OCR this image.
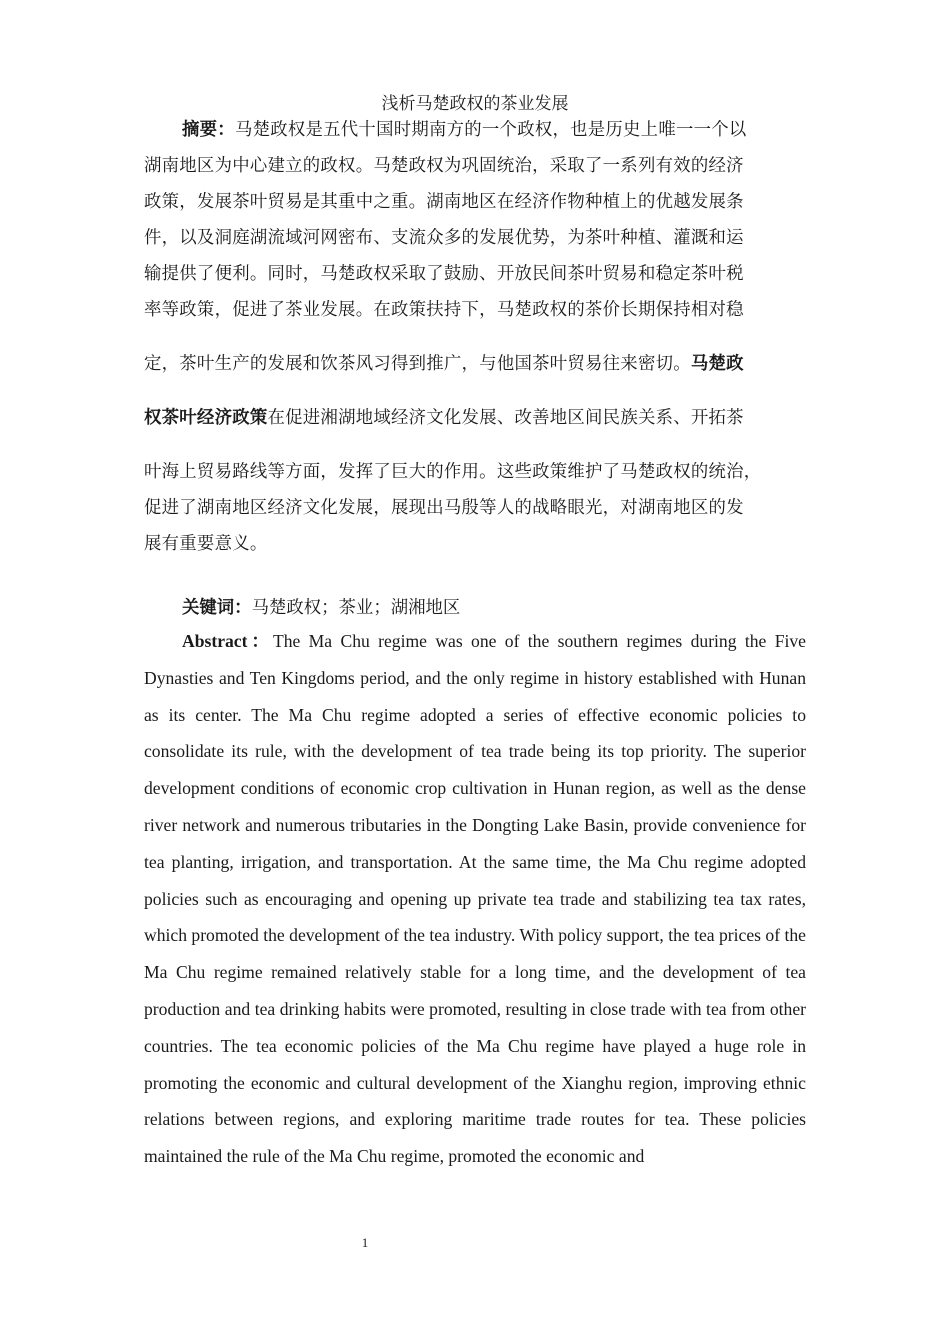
浅析马楚政权的茶业发展
摘要：马楚政权是五代十国时期南方的一个政权，也是历史上唯一一个以
湖南地区为中心建立的政权。马楚政权为巩固统治，采取了一系列有效的经济
政策，发展茶叶贸易是其重中之重。湖南地区在经济作物种植上的优越发展条
件，以及洞庭湖流域河网密布、支流众多的发展优势，为茶叶种植、灌溉和运
输提供了便利。同时，马楚政权采取了鼓励、开放民间茶叶贸易和稳定茶叶税
率等政策，促进了茶业发展。在政策扶持下，马楚政权的茶价长期保持相对稳
定，茶叶生产的发展和饮茶风习得到推广，与他国茶叶贸易往来密切。马楚政
权茶叶经济政策在促进湘湖地域经济文化发展、改善地区间民族关系、开拓茶
叶海上贸易路线等方面，发挥了巨大的作用。这些政策维护了马楚政权的统治，
促进了湖南地区经济文化发展，展现出马殷等人的战略眼光，对湖南地区的发
展有重要意义。
关键词：马楚政权；茶业；湖湘地区

Abstract：The Ma Chu regime was one of the southern regimes during the Five Dynasties and Ten Kingdoms period, and the only regime in history established with Hunan as its center. The Ma Chu regime adopted a series of effective economic policies to consolidate its rule, with the development of tea trade being its top priority. The superior development conditions of economic crop cultivation in Hunan region, as well as the dense river network and numerous tributaries in the Dongting Lake Basin, provide convenience for tea planting, irrigation, and transportation. At the same time, the Ma Chu regime adopted policies such as encouraging and opening up private tea trade and stabilizing tea tax rates, which promoted the development of the tea industry. With policy support, the tea prices of the Ma Chu regime remained relatively stable for a long time, and the development of tea production and tea drinking habits were promoted, resulting in close trade with tea from other countries. The tea economic policies of the Ma Chu regime have played a huge role in promoting the economic and cultural development of the Xianghu region, improving ethnic relations between regions, and exploring maritime trade routes for tea. These policies maintained the rule of the Ma Chu regime, promoted the economic and

1
